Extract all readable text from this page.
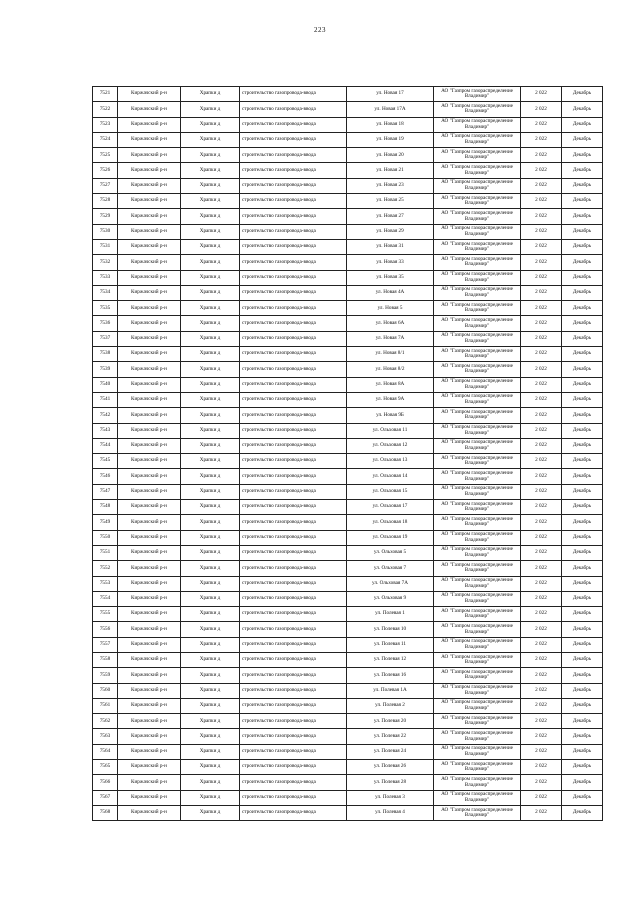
223
7521	Киржачский р-н	Храпки д	строительство газопровода-ввода	ул. Новая 17	АО "Газпром газораспределение
Владимир"	2 022	Декабрь
7522	Киржачский р-н	Храпки д	строительство газопровода-ввода	ул. Новая 17А	АО "Газпром газораспределение
Владимир"	2 022	Декабрь
7523	Киржачский р-н	Храпки д	строительство газопровода-ввода	ул. Новая 18	АО "Газпром газораспределение
Владимир"	2 022	Декабрь
7524	Киржачский р-н	Храпки д	строительство газопровода-ввода	ул. Новая 19	АО "Газпром газораспределение
Владимир"	2 022	Декабрь
7525	Киржачский р-н	Храпки д	строительство газопровода-ввода	ул. Новая 20	АО "Газпром газораспределение
Владимир"	2 022	Декабрь
7526	Киржачский р-н	Храпки д	строительство газопровода-ввода	ул. Новая 21	АО "Газпром газораспределение
Владимир"	2 022	Декабрь
7527	Киржачский р-н	Храпки д	строительство газопровода-ввода	ул. Новая 23	АО "Газпром газораспределение
Владимир"	2 022	Декабрь
7528	Киржачский р-н	Храпки д	строительство газопровода-ввода	ул. Новая 25	АО "Газпром газораспределение
Владимир"	2 022	Декабрь
7529	Киржачский р-н	Храпки д	строительство газопровода-ввода	ул. Новая 27	АО "Газпром газораспределение
Владимир"	2 022	Декабрь
7530	Киржачский р-н	Храпки д	строительство газопровода-ввода	ул. Новая 29	АО "Газпром газораспределение
Владимир"	2 022	Декабрь
7531	Киржачский р-н	Храпки д	строительство газопровода-ввода	ул. Новая 31	АО "Газпром газораспределение
Владимир"	2 022	Декабрь
7532	Киржачский р-н	Храпки д	строительство газопровода-ввода	ул. Новая 33	АО "Газпром газораспределение
Владимир"	2 022	Декабрь
7533	Киржачский р-н	Храпки д	строительство газопровода-ввода	ул. Новая 35	АО "Газпром газораспределение
Владимир"	2 022	Декабрь
7534	Киржачский р-н	Храпки д	строительство газопровода-ввода	ул. Новая 4А	АО "Газпром газораспределение
Владимир"	2 022	Декабрь
7535	Киржачский р-н	Храпки д	строительство газопровода-ввода	ул. Новая 5	АО "Газпром газораспределение
Владимир"	2 022	Декабрь
7536	Киржачский р-н	Храпки д	строительство газопровода-ввода	ул. Новая 6А	АО "Газпром газораспределение
Владимир"	2 022	Декабрь
7537	Киржачский р-н	Храпки д	строительство газопровода-ввода	ул. Новая 7А	АО "Газпром газораспределение
Владимир"	2 022	Декабрь
7538	Киржачский р-н	Храпки д	строительство газопровода-ввода	ул. Новая 8/1	АО "Газпром газораспределение
Владимир"	2 022	Декабрь
7539	Киржачский р-н	Храпки д	строительство газопровода-ввода	ул. Новая 8/2	АО "Газпром газораспределение
Владимир"	2 022	Декабрь
7540	Киржачский р-н	Храпки д	строительство газопровода-ввода	ул. Новая 8А	АО "Газпром газораспределение
Владимир"	2 022	Декабрь
7541	Киржачский р-н	Храпки д	строительство газопровода-ввода	ул. Новая 9А	АО "Газпром газораспределение
Владимир"	2 022	Декабрь
7542	Киржачский р-н	Храпки д	строительство газопровода-ввода	ул. Новая 9Б	АО "Газпром газораспределение
Владимир"	2 022	Декабрь
7543	Киржачский р-н	Храпки д	строительство газопровода-ввода	ул. Ольховая 11	АО "Газпром газораспределение
Владимир"	2 022	Декабрь
7544	Киржачский р-н	Храпки д	строительство газопровода-ввода	ул. Ольховая 12	АО "Газпром газораспределение
Владимир"	2 022	Декабрь
7545	Киржачский р-н	Храпки д	строительство газопровода-ввода	ул. Ольховая 13	АО "Газпром газораспределение
Владимир"	2 022	Декабрь
7546	Киржачский р-н	Храпки д	строительство газопровода-ввода	ул. Ольховая 14	АО "Газпром газораспределение
Владимир"	2 022	Декабрь
7547	Киржачский р-н	Храпки д	строительство газопровода-ввода	ул. Ольховая 15	АО "Газпром газораспределение
Владимир"	2 022	Декабрь
7548	Киржачский р-н	Храпки д	строительство газопровода-ввода	ул. Ольховая 17	АО "Газпром газораспределение
Владимир"	2 022	Декабрь
7549	Киржачский р-н	Храпки д	строительство газопровода-ввода	ул. Ольховая 18	АО "Газпром газораспределение
Владимир"	2 022	Декабрь
7550	Киржачский р-н	Храпки д	строительство газопровода-ввода	ул. Ольховая 19	АО "Газпром газораспределение
Владимир"	2 022	Декабрь
7551	Киржачский р-н	Храпки д	строительство газопровода-ввода	ул. Ольховая 5	АО "Газпром газораспределение
Владимир"	2 022	Декабрь
7552	Киржачский р-н	Храпки д	строительство газопровода-ввода	ул. Ольховая 7	АО "Газпром газораспределение
Владимир"	2 022	Декабрь
7553	Киржачский р-н	Храпки д	строительство газопровода-ввода	ул. Ольховая 7А	АО "Газпром газораспределение
Владимир"	2 022	Декабрь
7554	Киржачский р-н	Храпки д	строительство газопровода-ввода	ул. Ольховая 9	АО "Газпром газораспределение
Владимир"	2 022	Декабрь
7555	Киржачский р-н	Храпки д	строительство газопровода-ввода	ул. Полевая 1	АО "Газпром газораспределение
Владимир"	2 022	Декабрь
7556	Киржачский р-н	Храпки д	строительство газопровода-ввода	ул. Полевая 10	АО "Газпром газораспределение
Владимир"	2 022	Декабрь
7557	Киржачский р-н	Храпки д	строительство газопровода-ввода	ул. Полевая 11	АО "Газпром газораспределение
Владимир"	2 022	Декабрь
7558	Киржачский р-н	Храпки д	строительство газопровода-ввода	ул. Полевая 12	АО "Газпром газораспределение
Владимир"	2 022	Декабрь
7559	Киржачский р-н	Храпки д	строительство газопровода-ввода	ул. Полевая 16	АО "Газпром газораспределение
Владимир"	2 022	Декабрь
7560	Киржачский р-н	Храпки д	строительство газопровода-ввода	ул. Полевая 1А	АО "Газпром газораспределение
Владимир"	2 022	Декабрь
7561	Киржачский р-н	Храпки д	строительство газопровода-ввода	ул. Полевая 2	АО "Газпром газораспределение
Владимир"	2 022	Декабрь
7562	Киржачский р-н	Храпки д	строительство газопровода-ввода	ул. Полевая 20	АО "Газпром газораспределение
Владимир"	2 022	Декабрь
7563	Киржачский р-н	Храпки д	строительство газопровода-ввода	ул. Полевая 22	АО "Газпром газораспределение
Владимир"	2 022	Декабрь
7564	Киржачский р-н	Храпки д	строительство газопровода-ввода	ул. Полевая 24	АО "Газпром газораспределение
Владимир"	2 022	Декабрь
7565	Киржачский р-н	Храпки д	строительство газопровода-ввода	ул. Полевая 26	АО "Газпром газораспределение
Владимир"	2 022	Декабрь
7566	Киржачский р-н	Храпки д	строительство газопровода-ввода	ул. Полевая 28	АО "Газпром газораспределение
Владимир"	2 022	Декабрь
7567	Киржачский р-н	Храпки д	строительство газопровода-ввода	ул. Полевая 3	АО "Газпром газораспределение
Владимир"	2 022	Декабрь
7568	Киржачский р-н	Храпки д	строительство газопровода-ввода	ул. Полевая 4	АО "Газпром газораспределение
Владимир"	2 022	Декабрь
